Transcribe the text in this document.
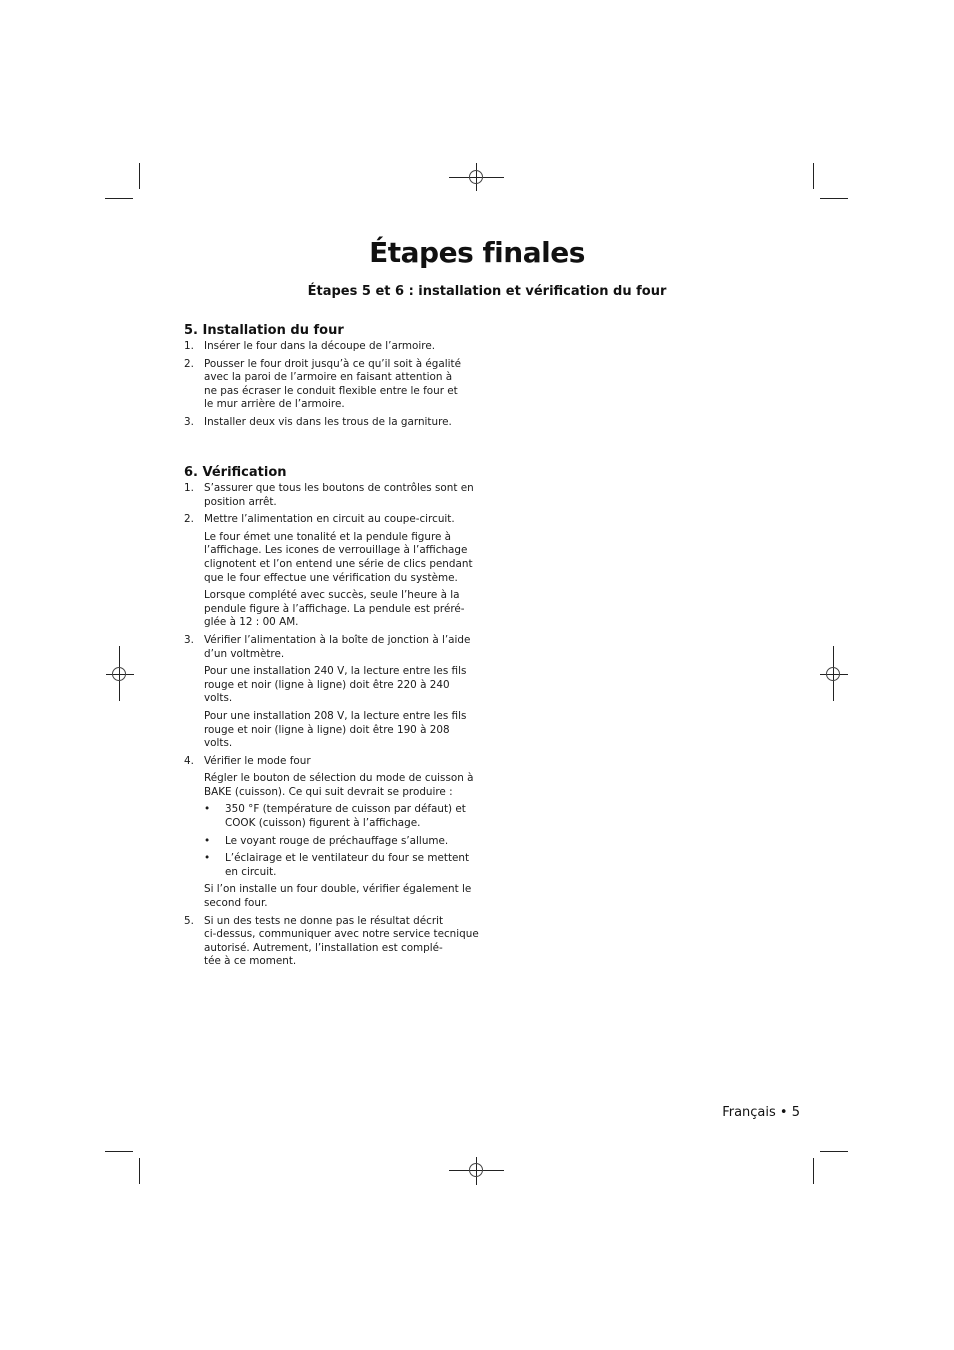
Étapes finales
Étapes 5 et 6 : installation et vérification du four
5. Installation du four
1. Insérer le four dans la découpe de l’armoire.
2. Pousser le four droit jusqu’à ce qu’il soit à égalité
avec la paroi de l’armoire en faisant attention à
ne pas écraser le conduit flexible entre le four et
le mur arrière de l’armoire.
3. Installer deux vis dans les trous de la garniture.
6. Vérification
1. S’assurer que tous les boutons de contrôles sont en
position arrêt.
2. Mettre l’alimentation en circuit au coupe-circuit.
Le four émet une tonalité et la pendule figure à
l’affichage. Les icones de verrouillage à l’affichage
clignotent et l’on entend une série de clics pendant
que le four effectue une vérification du système.
Lorsque complété avec succès, seule l’heure à la
pendule figure à l’affichage. La pendule est préré-
glée à 12 : 00 AM.
3. Vérifier l’alimentation à la boîte de jonction à l’aide
d’un voltmètre.
Pour une installation 240 V, la lecture entre les fils
rouge et noir (ligne à ligne) doit être 220 à 240
volts.
Pour une installation 208 V, la lecture entre les fils
rouge et noir (ligne à ligne) doit être 190 à 208
volts.
4. Vérifier le mode four
Régler le bouton de sélection du mode de cuisson à
BAKE (cuisson). Ce qui suit devrait se produire :
• 350 °F (température de cuisson par défaut) et
COOK (cuisson) figurent à l’affichage.
• Le voyant rouge de préchauffage s’allume.
• L’éclairage et le ventilateur du four se mettent
en circuit.
Si l’on installe un four double, vérifier également le
second four.
5. Si un des tests ne donne pas le résultat décrit
ci-dessus, communiquer avec notre service tecnique
autorisé. Autrement, l’installation est complé-
tée à ce moment.
Français • 5
